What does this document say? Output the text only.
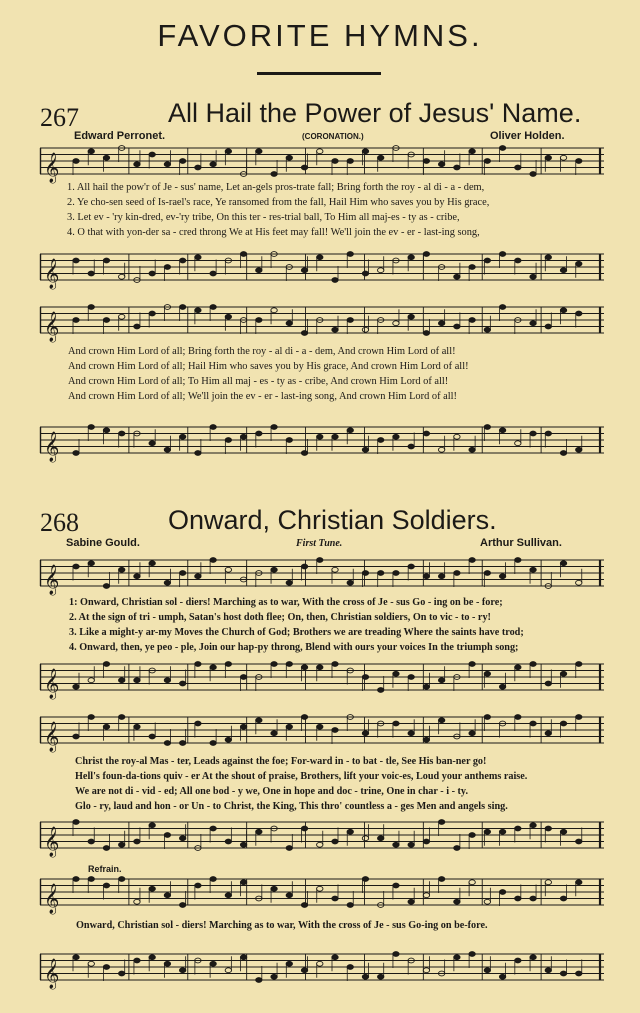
FAVORITE HYMNS.
267	All Hail the Power of Jesus' Name.
Edward Perronet.	(CORONATION.)	Oliver Holden.
𝄞
1. All hail the pow'r of Je - sus' name, Let an-gels pros-trate fall; Bring forth the roy - al di - a - dem,
2. Ye cho-sen seed of Is-rael's race, Ye ransomed from the fall, Hail Him who saves you by His grace,
3. Let ev - 'ry kin-dred, ev-'ry tribe, On this ter - res-trial ball, To Him all maj-es - ty as - cribe,
4. O that with yon-der sa - cred throng We at His feet may fall! We'll join the ev - er - last-ing song,
𝄞
𝄞
And crown Him Lord of all; Bring forth the roy - al di - a - dem, And crown Him Lord of all!
And crown Him Lord of all; Hail Him who saves you by His grace, And crown Him Lord of all!
And crown Him Lord of all; To Him all maj - es - ty as - cribe, And crown Him Lord of all!
And crown Him Lord of all; We'll join the ev - er - last-ing song, And crown Him Lord of all!
𝄞
268	Onward, Christian Soldiers.
Sabine Gould.	First Tune.	Arthur Sullivan.
𝄞
1: Onward, Christian sol - diers! Marching as to war, With the cross of Je - sus Go - ing on be - fore;
2. At the sign of tri - umph, Satan's host doth flee; On, then, Christian soldiers, On to vic - to - ry!
3. Like a might-y ar-my Moves the Church of God; Brothers we are treading Where the saints have trod;
4. Onward, then, ye peo - ple, Join our hap-py throng, Blend with ours your voices In the triumph song;
𝄞
𝄞
Christ the roy-al Mas - ter, Leads against the foe; For-ward in - to bat - tle, See His ban-ner go!
Hell's foun-da-tions quiv - er At the shout of praise, Brothers, lift your voic-es, Loud your anthems raise.
We are not di - vid - ed; All one bod - y we, One in hope and doc - trine, One in char - i - ty.
Glo - ry, laud and hon - or Un - to Christ, the King, This thro' countless a - ges Men and angels sing.
𝄞
Refrain.
𝄞
Onward, Christian sol - diers! Marching as to war, With the cross of Je - sus Go-ing on be-fore.
𝄞
